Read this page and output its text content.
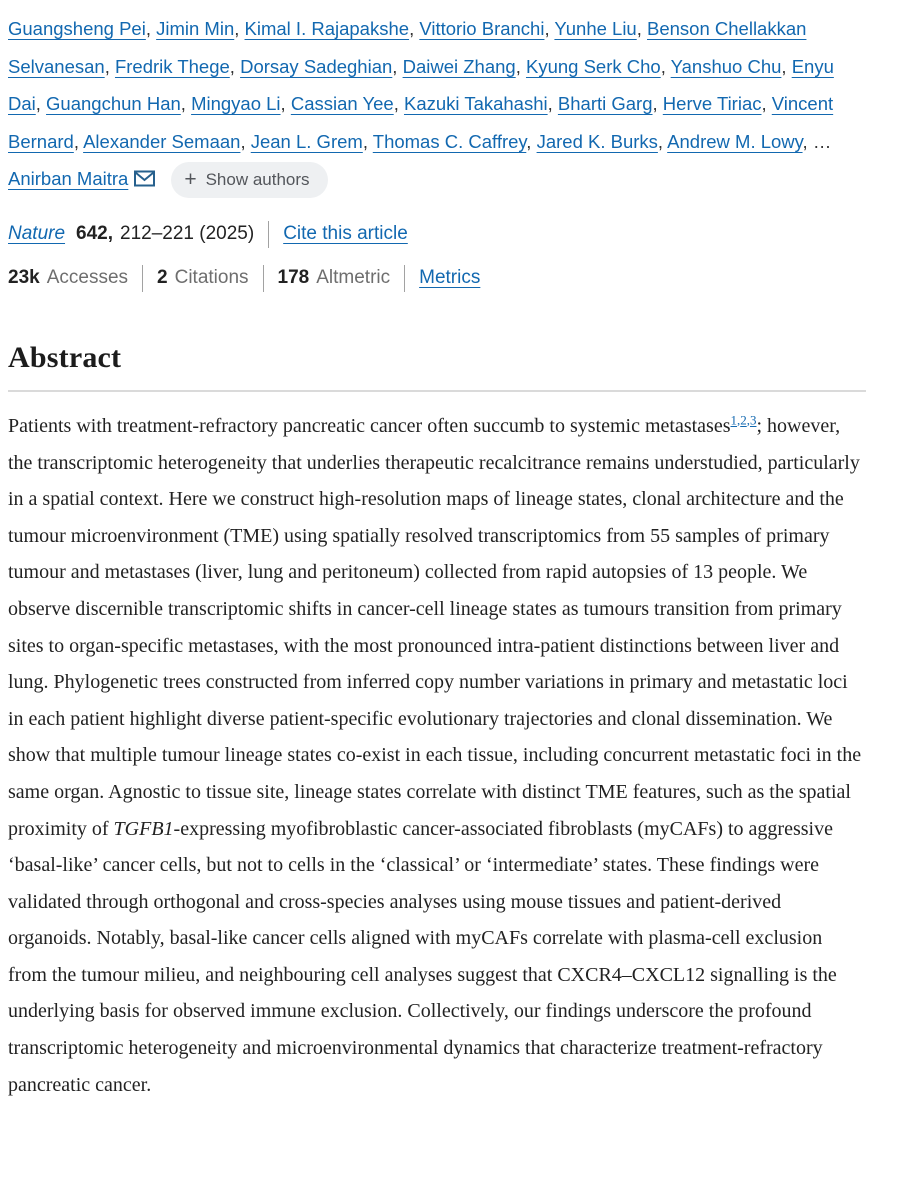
Guangsheng Pei, Jimin Min, Kimal I. Rajapakshe, Vittorio Branchi, Yunhe Liu, Benson Chellakkan Selvanesan, Fredrik Thege, Dorsay Sadeghian, Daiwei Zhang, Kyung Serk Cho, Yanshuo Chu, Enyu Dai, Guangchun Han, Mingyao Li, Cassian Yee, Kazuki Takahashi, Bharti Garg, Herve Tiriac, Vincent Bernard, Alexander Semaan, Jean L. Grem, Thomas C. Caffrey, Jared K. Burks, Andrew M. Lowy, … Anirban Maitra	+ Show authors

Nature 642, 212–221 (2025) Cite this article
23k Accesses 2 Citations 178 Altmetric Metrics
Abstract

Patients with treatment-refractory pancreatic cancer often succumb to systemic metastases$^{1,2,3}$; however, the transcriptomic heterogeneity that underlies therapeutic recalcitrance remains understudied, particularly in a spatial context. Here we construct high-resolution maps of lineage states, clonal architecture and the tumour microenvironment (TME) using spatially resolved transcriptomics from 55 samples of primary tumour and metastases (liver, lung and peritoneum) collected from rapid autopsies of 13 people. We observe discernible transcriptomic shifts in cancer-cell lineage states as tumours transition from primary sites to organ-specific metastases, with the most pronounced intra-patient distinctions between liver and lung. Phylogenetic trees constructed from inferred copy number variations in primary and metastatic loci in each patient highlight diverse patient-specific evolutionary trajectories and clonal dissemination. We show that multiple tumour lineage states co-exist in each tissue, including concurrent metastatic foci in the same organ. Agnostic to tissue site, lineage states correlate with distinct TME features, such as the spatial proximity of TGFB1-expressing myofibroblastic cancer-associated fibroblasts (myCAFs) to aggressive ‘basal-like’ cancer cells, but not to cells in the ‘classical’ or ‘intermediate’ states. These findings were validated through orthogonal and cross-species analyses using mouse tissues and patient-derived organoids. Notably, basal-like cancer cells aligned with myCAFs correlate with plasma-cell exclusion from the tumour milieu, and neighbouring cell analyses suggest that CXCR4–CXCL12 signalling is the underlying basis for observed immune exclusion. Collectively, our findings underscore the profound transcriptomic heterogeneity and microenvironmental dynamics that characterize treatment-refractory pancreatic cancer.
